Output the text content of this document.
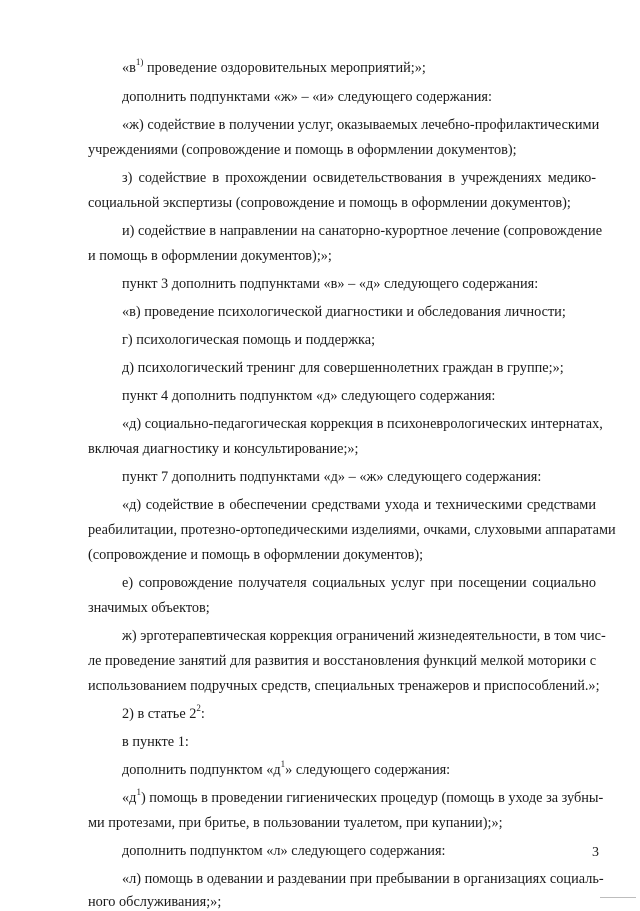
«$в^{1)}$ проведение оздоровительных мероприятий;»;
дополнить подпунктами «ж» – «и» следующего содержания:
«ж) содействие в получении услуг, оказываемых лечебно-профилактическими
учреждениями (сопровождение и помощь в оформлении документов);
з) содействие в прохождении освидетельствования в учреждениях медико-
социальной экспертизы (сопровождение и помощь в оформлении документов);
и) содействие в направлении на санаторно-курортное лечение (сопровождение
и помощь в оформлении документов);»;
пункт 3 дополнить подпунктами «в» – «д» следующего содержания:
«в) проведение психологической диагностики и обследования личности;
г) психологическая помощь и поддержка;
д) психологический тренинг для совершеннолетних граждан в группе;»;
пункт 4 дополнить подпунктом «д» следующего содержания:
«д) социально-педагогическая коррекция в психоневрологических интернатах,
включая диагностику и консультирование;»;
пункт 7 дополнить подпунктами «д» – «ж» следующего содержания:
«д) содействие в обеспечении средствами ухода и техническими средствами
реабилитации, протезно-ортопедическими изделиями, очками, слуховыми аппаратами
(сопровождение и помощь в оформлении документов);
е) сопровождение получателя социальных услуг при посещении социально
значимых объектов;
ж) эрготерапевтическая коррекция ограничений жизнедеятельности, в том чис-
ле проведение занятий для развития и восстановления функций мелкой моторики с
использованием подручных средств, специальных тренажеров и приспособлений.»;
2) в статье $2^2$:
в пункте 1:
дополнить подпунктом «$д^1$» следующего содержания:
«$д^1$) помощь в проведении гигиенических процедур (помощь в уходе за зубны-
ми протезами, при бритье, в пользовании туалетом, при купании);»;
дополнить подпунктом «л» следующего содержания:
«л) помощь в одевании и раздевании при пребывании в организациях социаль-
ного обслуживания;»;
3
